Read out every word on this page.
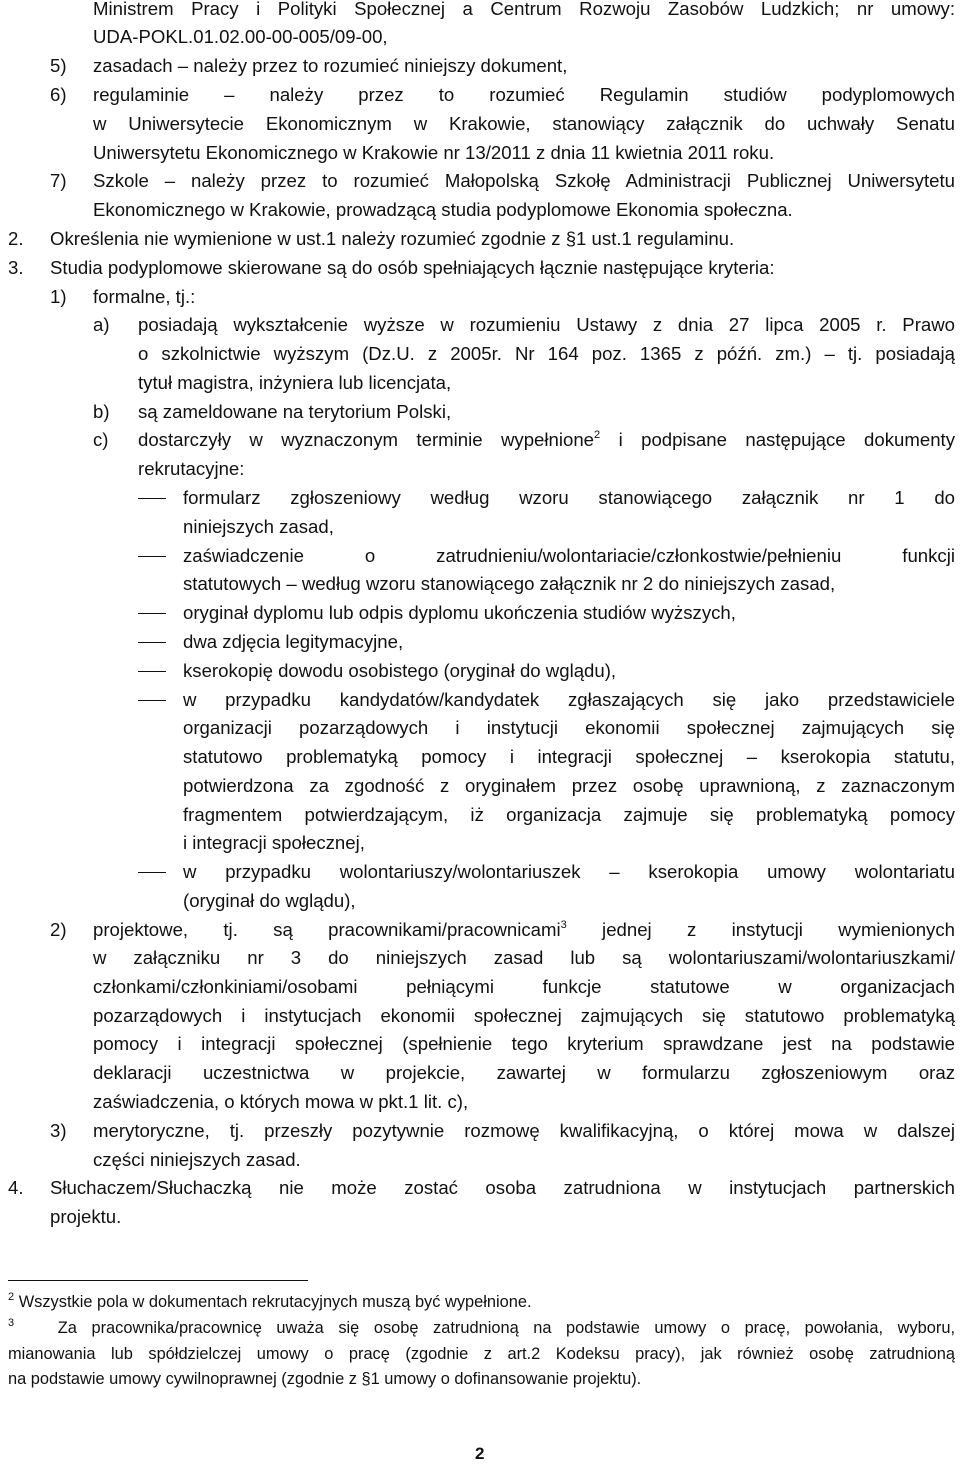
Ministrem Pracy i Polityki Społecznej a Centrum Rozwoju Zasobów Ludzkich; nr umowy:
UDA-POKL.01.02.00-00-005/09-00,
5) zasadach – należy przez to rozumieć niniejszy dokument,
6) regulaminie – należy przez to rozumieć Regulamin studiów podyplomowych
w Uniwersytecie Ekonomicznym w Krakowie, stanowiący załącznik do uchwały Senatu
Uniwersytetu Ekonomicznego w Krakowie nr 13/2011 z dnia 11 kwietnia 2011 roku.
7) Szkole – należy przez to rozumieć Małopolską Szkołę Administracji Publicznej Uniwersytetu
Ekonomicznego w Krakowie, prowadzącą studia podyplomowe Ekonomia społeczna.
2. Określenia nie wymienione w ust.1 należy rozumieć zgodnie z §1 ust.1 regulaminu.
3. Studia podyplomowe skierowane są do osób spełniających łącznie następujące kryteria:
1) formalne, tj.:
a) posiadają wykształcenie wyższe w rozumieniu Ustawy z dnia 27 lipca 2005 r. Prawo
o szkolnictwie wyższym (Dz.U. z 2005r. Nr 164 poz. 1365 z późń. zm.) – tj. posiadają
tytuł magistra, inżyniera lub licencjata,
b) są zameldowane na terytorium Polski,
c) dostarczyły w wyznaczonym terminie wypełnione$^2$ i podpisane następujące dokumenty
rekrutacyjne:
formularz zgłoszeniowy według wzoru stanowiącego załącznik nr 1 do
niniejszych zasad,
zaświadczenie o zatrudnieniu/wolontariacie/członkostwie/pełnieniu funkcji
statutowych – według wzoru stanowiącego załącznik nr 2 do niniejszych zasad,
oryginał dyplomu lub odpis dyplomu ukończenia studiów wyższych,
dwa zdjęcia legitymacyjne,
kserokopię dowodu osobistego (oryginał do wglądu),
w przypadku kandydatów/kandydatek zgłaszających się jako przedstawiciele
organizacji pozarządowych i instytucji ekonomii społecznej zajmujących się
statutowo problematyką pomocy i integracji społecznej – kserokopia statutu,
potwierdzona za zgodność z oryginałem przez osobę uprawnioną, z zaznaczonym
fragmentem potwierdzającym, iż organizacja zajmuje się problematyką pomocy
i integracji społecznej,
w przypadku wolontariuszy/wolontariuszek – kserokopia umowy wolontariatu
(oryginał do wglądu),
2) projektowe, tj. są pracownikami/pracownicami$^3$ jednej z instytucji wymienionych
w załączniku nr 3 do niniejszych zasad lub są wolontariuszami/wolontariuszkami/
członkami/członkiniami/osobami pełniącymi funkcje statutowe w organizacjach
pozarządowych i instytucjach ekonomii społecznej zajmujących się statutowo problematyką
pomocy i integracji społecznej (spełnienie tego kryterium sprawdzane jest na podstawie
deklaracji uczestnictwa w projekcie, zawartej w formularzu zgłoszeniowym oraz
zaświadczenia, o których mowa w pkt.1 lit. c),
3) merytoryczne, tj. przeszły pozytywnie rozmowę kwalifikacyjną, o której mowa w dalszej
części niniejszych zasad.
4. Słuchaczem/Słuchaczką nie może zostać osoba zatrudniona w instytucjach partnerskich
projektu.
$^2$ Wszystkie pola w dokumentach rekrutacyjnych muszą być wypełnione.
$^3$	Za pracownika/pracownicę uważa się osobę zatrudnioną na podstawie umowy o pracę, powołania, wyboru,
mianowania lub spółdzielczej umowy o pracę (zgodnie z art.2 Kodeksu pracy), jak również osobę zatrudnioną
na podstawie umowy cywilnoprawnej (zgodnie z §1 umowy o dofinansowanie projektu).
2
